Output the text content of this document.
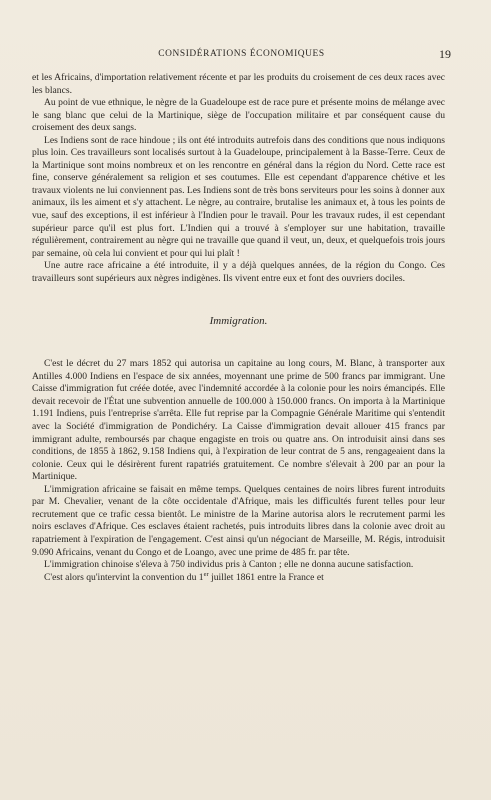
CONSIDÉRATIONS ÉCONOMIQUES	19

et les Africains, d'importation relativement récente et par les produits du croisement de ces deux races avec les blancs.

Au point de vue ethnique, le nègre de la Guadeloupe est de race pure et présente moins de mélange avec le sang blanc que celui de la Martinique, siège de l'occupation militaire et par conséquent cause du croisement des deux sangs.

Les Indiens sont de race hindoue ; ils ont été introduits autrefois dans des conditions que nous indiquons plus loin. Ces travailleurs sont localisés surtout à la Guadeloupe, principalement à la Basse-Terre. Ceux de la Martinique sont moins nombreux et on les rencontre en général dans la région du Nord. Cette race est fine, conserve généralement sa religion et ses coutumes. Elle est cependant d'apparence chétive et les travaux violents ne lui conviennent pas. Les Indiens sont de très bons serviteurs pour les soins à donner aux animaux, ils les aiment et s'y attachent. Le nègre, au contraire, brutalise les animaux et, à tous les points de vue, sauf des exceptions, il est inférieur à l'Indien pour le travail. Pour les travaux rudes, il est cependant supérieur parce qu'il est plus fort. L'Indien qui a trouvé à s'employer sur une habitation, travaille régulièrement, contrairement au nègre qui ne travaille que quand il veut, un, deux, et quelquefois trois jours par semaine, où cela lui convient et pour qui lui plaît !

Une autre race africaine a été introduite, il y a déjà quelques années, de la région du Congo. Ces travailleurs sont supérieurs aux nègres indigènes. Ils vivent entre eux et font des ouvriers dociles.

Immigration.

C'est le décret du 27 mars 1852 qui autorisa un capitaine au long cours, M. Blanc, à transporter aux Antilles 4.000 Indiens en l'espace de six années, moyennant une prime de 500 francs par immigrant. Une Caisse d'immigration fut créée dotée, avec l'indemnité accordée à la colonie pour les noirs émancipés. Elle devait recevoir de l'État une subvention annuelle de 100.000 à 150.000 francs. On importa à la Martinique 1.191 Indiens, puis l'entreprise s'arrêta. Elle fut reprise par la Compagnie Générale Maritime qui s'entendit avec la Société d'immigration de Pondichéry. La Caisse d'immigration devait allouer 415 francs par immigrant adulte, remboursés par chaque engagiste en trois ou quatre ans. On introduisit ainsi dans ses conditions, de 1855 à 1862, 9.158 Indiens qui, à l'expiration de leur contrat de 5 ans, rengageaient dans la colonie. Ceux qui le désirèrent furent rapatriés gratuitement. Ce nombre s'élevait à 200 par an pour la Martinique.

L'immigration africaine se faisait en même temps. Quelques centaines de noirs libres furent introduits par M. Chevalier, venant de la côte occidentale d'Afrique, mais les difficultés furent telles pour leur recrutement que ce trafic cessa bientôt. Le ministre de la Marine autorisa alors le recrutement parmi les noirs esclaves d'Afrique. Ces esclaves étaient rachetés, puis introduits libres dans la colonie avec droit au rapatriement à l'expiration de l'engagement. C'est ainsi qu'un négociant de Marseille, M. Régis, introduisit 9.090 Africains, venant du Congo et de Loango, avec une prime de 485 fr. par tête.

L'immigration chinoise s'éleva à 750 individus pris à Canton ; elle ne donna aucune satisfaction.

C'est alors qu'intervint la convention du 1er juillet 1861 entre la France et
